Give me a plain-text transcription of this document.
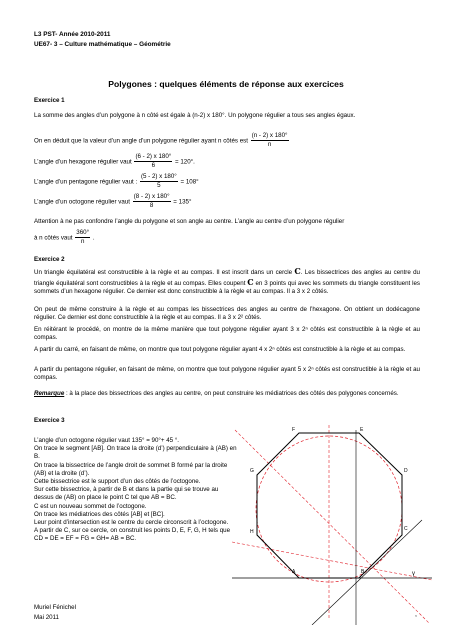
L3 PST- Année 2010-2011
UE67- 3 – Culture mathématique – Géométrie
Polygones : quelques éléments de réponse aux exercices
Exercice 1
La somme des angles d’un polygone à n côté est égale à (n-2) x 180°. Un polygone régulier a tous ses angles égaux.
On en déduit que la valeur d’un angle d’un polygone régulier ayant n côtés est $\frac{(n - 2) x 180^\circ}{n}$
L’angle d’un hexagone régulier vaut $\frac{(6 - 2) x 180^\circ}{6} = 120^\circ$.
L’angle d’un pentagone régulier vaut : $\frac{(5 - 2) x 180^\circ}{5} = 108^\circ$
L’angle d’un octogone régulier vaut $\frac{(8 - 2) x 180^\circ}{8} = 135^\circ$
Attention à ne pas confondre l’angle du polygone et son angle au centre. L’angle au centre d’un polygone régulier
à n côtés vaut $\frac{360^\circ}{n}$ .
Exercice 2
Un triangle équilatéral est constructible à la règle et au compas. Il est inscrit dans un cercle C. Les bissectrices des angles au centre du triangle équilatéral sont constructibles à la règle et au compas. Elles coupent C en 3 points qui avec les sommets du triangle constituent les sommets d’un hexagone régulier. Ce dernier est donc constructible à la règle et au compas. Il a 3 x 2 côtés.
On peut de même construire à la règle et au compas les bissectrices des angles au centre de l’hexagone. On obtient un dodécagone régulier. Ce dernier est donc constructible à la règle et au compas. Il a 3 x 2² côtés.
En réitérant le procédé, on montre de la même manière que tout polygone régulier ayant 3 x 2ⁿ côtés est constructible à la règle et au compas.
A partir du carré, en faisant de même, on montre que tout polygone régulier ayant 4 x 2ⁿ côtés est constructible à la règle et au compas.
A partir du pentagone régulier, en faisant de même, on montre que tout polygone régulier ayant 5 x 2ⁿ côtés est constructible à la règle et au compas.
Remarque : à la place des bissectrices des angles au centre, on peut construire les médiatrices des côtés des polygones concernés.
Exercice 3
L’angle d’un octogone régulier vaut 135° = 90°+ 45 °.
On trace le segment [AB]. On trace la droite (d’) perpendiculaire à (AB) en B.
On trace la bissectrice de l’angle droit de sommet B formé par la droite (AB) et la droite (d’).
Cette bissectrice est le support d’un des côtés de l’octogone.
Sur cette bissectrice, à partir de B et dans la partie qui se trouve au dessus de (AB) on place le point C tel que AB = BC.
C est un nouveau sommet de l’octogone.
On trace les médiatrices des côtés [AB] et [BC].
Leur point d’intersection est le centre du cercle circonscrit à l’octogone.
A partir de C, sur ce cercle, on construit les points D, E, F, G, H tels que CD = DE = EF = FG = GH= AB = BC.
A	B
C
D
E
F
G
H
γ
Muriel Fénichel
Mai 2011	,
